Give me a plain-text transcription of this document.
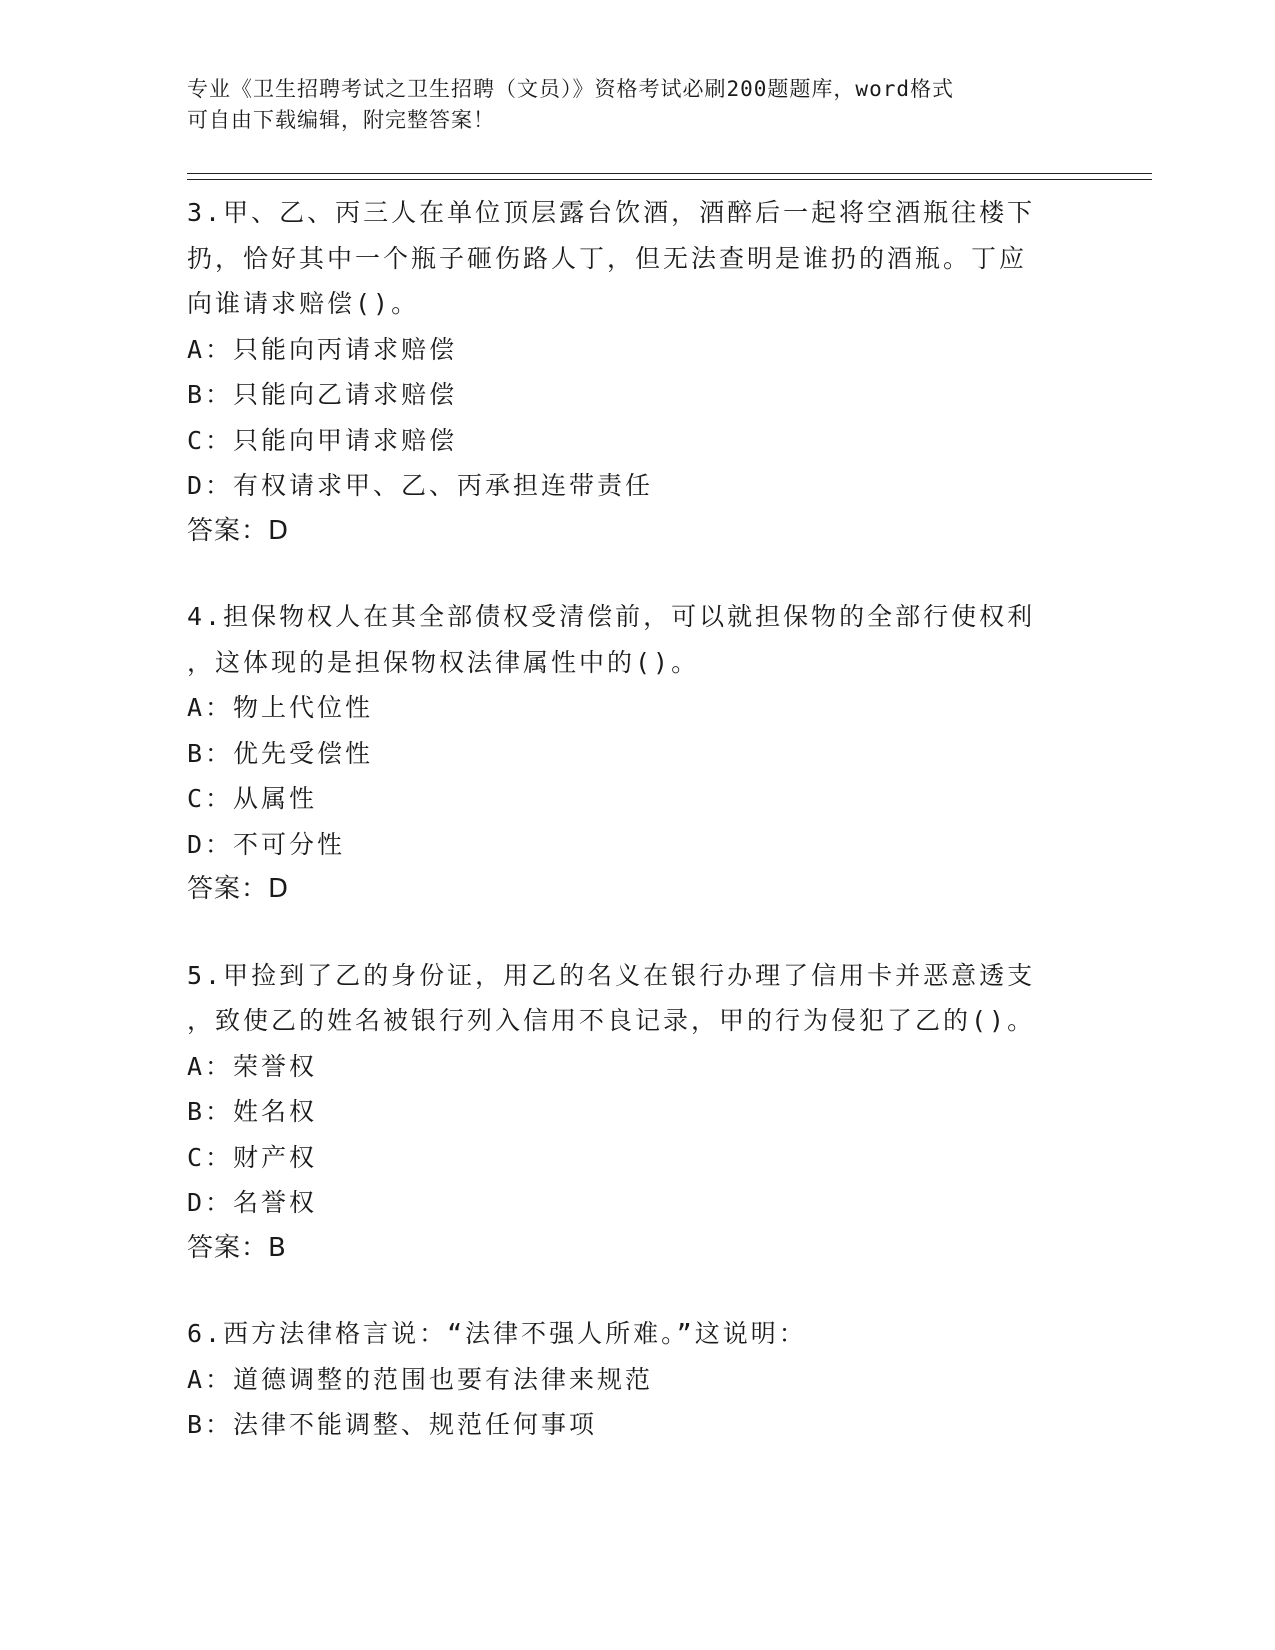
专业《卫生招聘考试之卫生招聘（文员）》资格考试必刷200题题库，word格式
可自由下载编辑，附完整答案！
3.甲、乙、丙三人在单位顶层露台饮酒，酒醉后一起将空酒瓶往楼下
扔，恰好其中一个瓶子砸伤路人丁，但无法查明是谁扔的酒瓶。丁应
向谁请求赔偿()。
A：只能向丙请求赔偿
B：只能向乙请求赔偿
C：只能向甲请求赔偿
D：有权请求甲、乙、丙承担连带责任
答案：D
4.担保物权人在其全部债权受清偿前，可以就担保物的全部行使权利
，这体现的是担保物权法律属性中的()。
A：物上代位性
B：优先受偿性
C：从属性
D：不可分性
答案：D
5.甲捡到了乙的身份证，用乙的名义在银行办理了信用卡并恶意透支
，致使乙的姓名被银行列入信用不良记录，甲的行为侵犯了乙的()。
A：荣誉权
B：姓名权
C：财产权
D：名誉权
答案：B
6.西方法律格言说：“法律不强人所难。”这说明：
A：道德调整的范围也要有法律来规范
B：法律不能调整、规范任何事项
